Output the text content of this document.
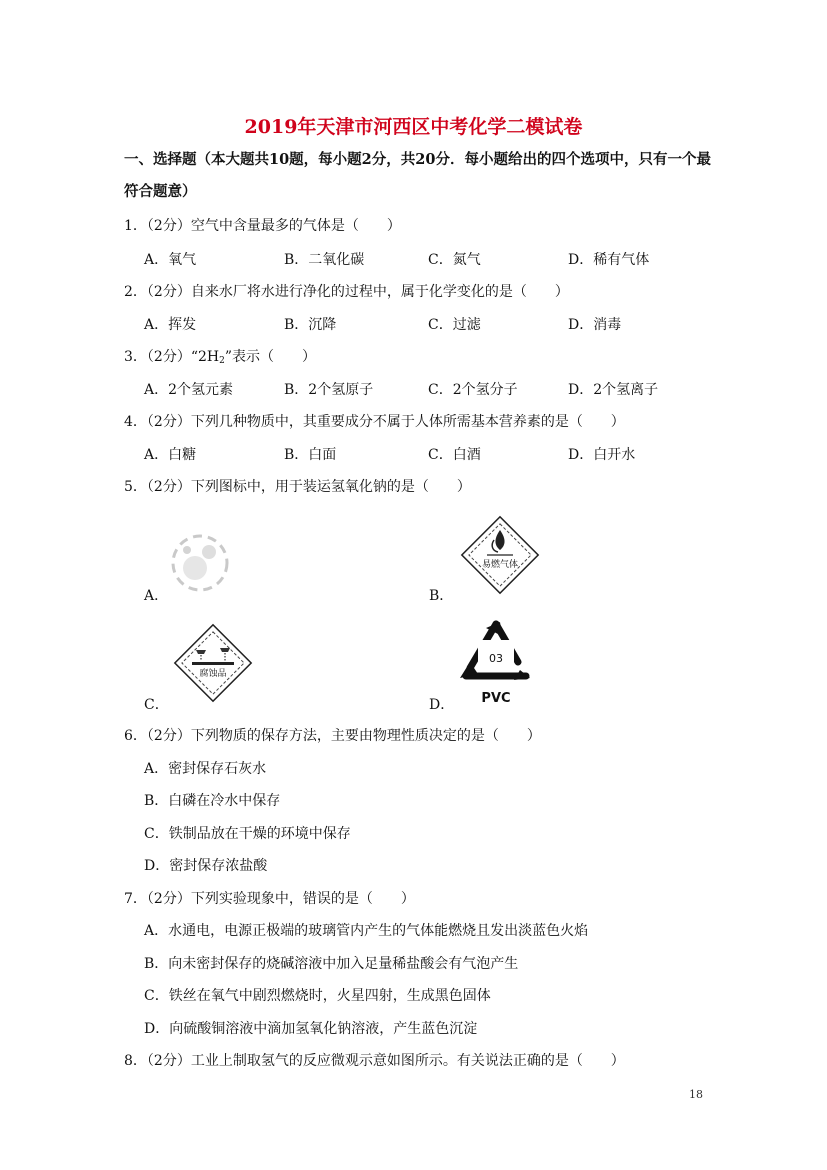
2019年天津市河西区中考化学二模试卷
一、选择题（本大题共10题，每小题2分，共20分．每小题给出的四个选项中，只有一个最符合题意）
1．（2分）空气中含量最多的气体是（　　）
A．氧气	B．二氧化碳	C．氮气	D．稀有气体
2．（2分）自来水厂将水进行净化的过程中，属于化学变化的是（　　）
A．挥发	B．沉降	C．过滤	D．消毒
3．（2分）“$2H_2$”表示（　　）
A．2个氢元素	B．2个氢原子	C．2个氢分子	D．2个氢离子
4．（2分）下列几种物质中，其重要成分不属于人体所需基本营养素的是（　　）
A．白糖	B．白面	C．白酒	D．白开水
5．（2分）下列图标中，用于装运氢氧化钠的是（　　）
A．	B．
易燃气体
C．
腐蚀品
D．
03
PVC
6．（2分）下列物质的保存方法，主要由物理性质决定的是（　　）
A．密封保存石灰水
B．白磷在冷水中保存
C．铁制品放在干燥的环境中保存
D．密封保存浓盐酸
7．（2分）下列实验现象中，错误的是（　　）
A．水通电，电源正极端的玻璃管内产生的气体能燃烧且发出淡蓝色火焰
B．向未密封保存的烧碱溶液中加入足量稀盐酸会有气泡产生
C．铁丝在氧气中剧烈燃烧时，火星四射，生成黑色固体
D．向硫酸铜溶液中滴加氢氧化钠溶液，产生蓝色沉淀
8．（2分）工业上制取氢气的反应微观示意如图所示。有关说法正确的是（　　）
18
